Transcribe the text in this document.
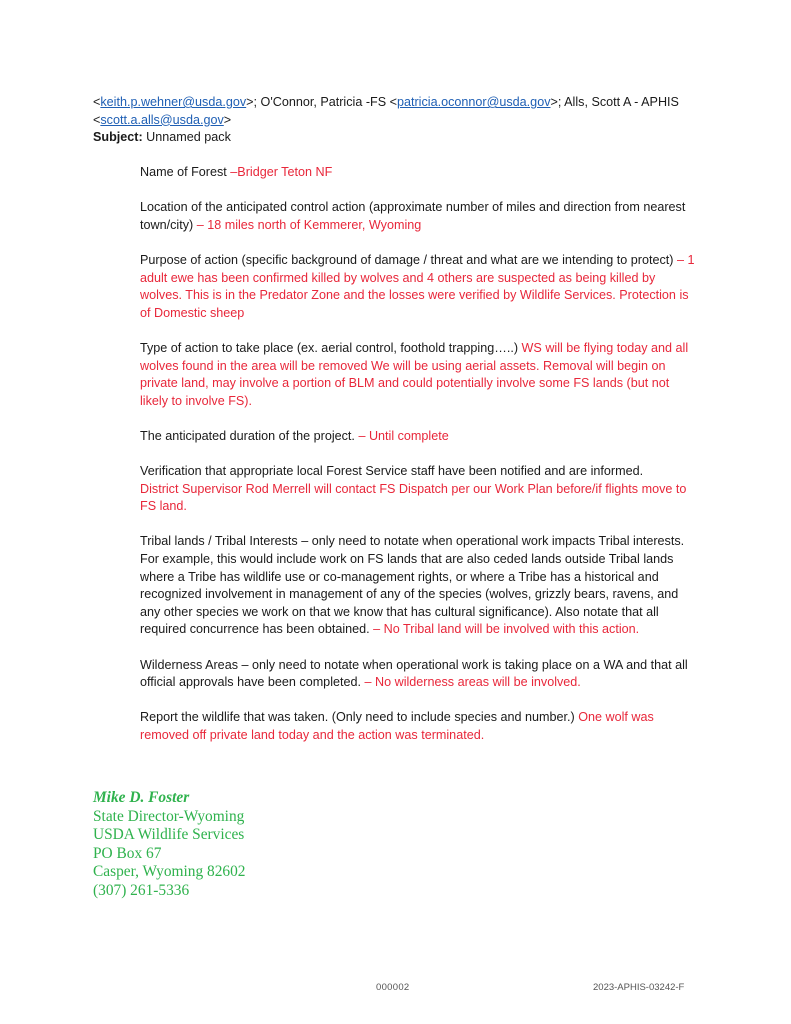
<keith.p.wehner@usda.gov>; O'Connor, Patricia -FS <patricia.oconnor@usda.gov>; Alls, Scott A - APHIS
<scott.a.alls@usda.gov>
Subject: Unnamed pack

Name of Forest –Bridger Teton NF

Location of the anticipated control action (approximate number of miles and direction from nearest town/city) – 18 miles north of Kemmerer, Wyoming

Purpose of action (specific background of damage / threat and what are we intending to protect) – 1 adult ewe has been confirmed killed by wolves and 4 others are suspected as being killed by wolves. This is in the Predator Zone and the losses were verified by Wildlife Services. Protection is of Domestic sheep

Type of action to take place (ex. aerial control, foothold trapping…..) WS will be flying today and all wolves found in the area will be removed We will be using aerial assets. Removal will begin on private land, may involve a portion of BLM and could potentially involve some FS lands (but not likely to involve FS).

The anticipated duration of the project. – Until complete

Verification that appropriate local Forest Service staff have been notified and are informed.
District Supervisor Rod Merrell will contact FS Dispatch per our Work Plan before/if flights move to FS land.

Tribal lands / Tribal Interests – only need to notate when operational work impacts Tribal interests. For example, this would include work on FS lands that are also ceded lands outside Tribal lands where a Tribe has wildlife use or co-management rights, or where a Tribe has a historical and recognized involvement in management of any of the species (wolves, grizzly bears, ravens, and any other species we work on that we know that has cultural significance). Also notate that all required concurrence has been obtained. – No Tribal land will be involved with this action.

Wilderness Areas – only need to notate when operational work is taking place on a WA and that all official approvals have been completed. – No wilderness areas will be involved.

Report the wildlife that was taken. (Only need to include species and number.) One wolf was removed off private land today and the action was terminated.

Mike D. Foster
State Director-Wyoming
USDA Wildlife Services
PO Box 67
Casper, Wyoming 82602
(307) 261-5336
000002	2023-APHIS-03242-F
